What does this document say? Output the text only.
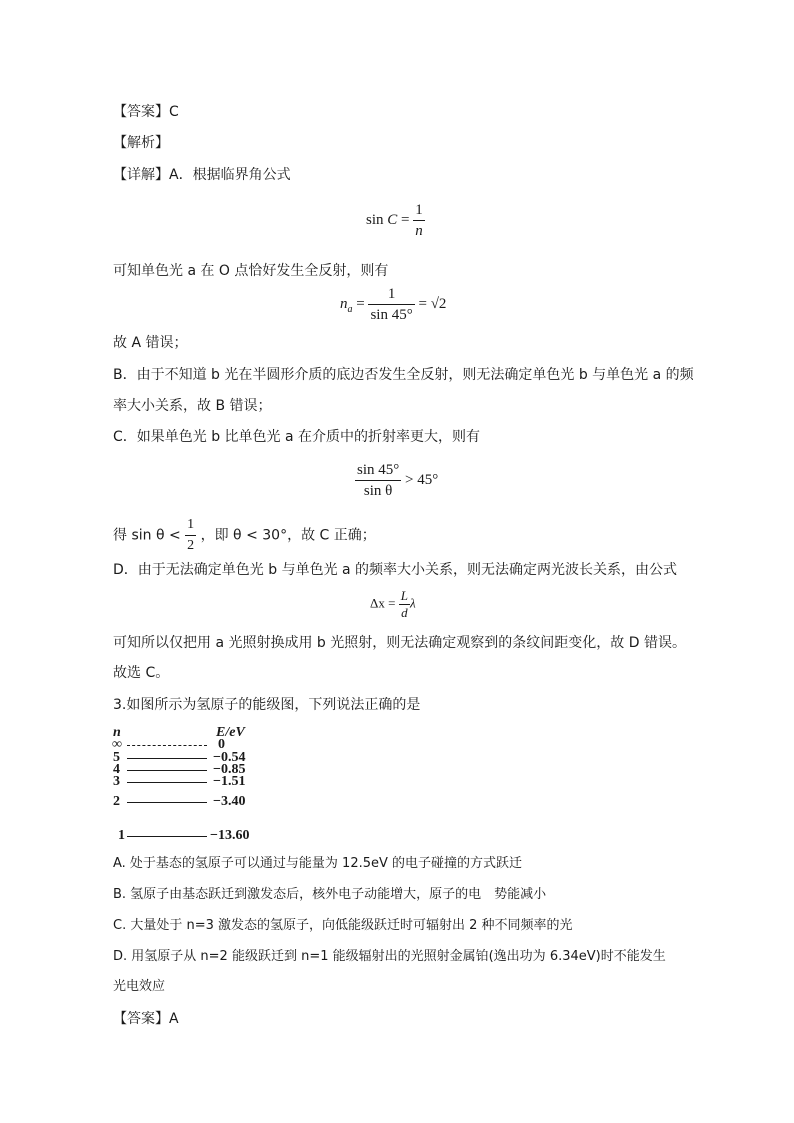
【答案】C
【解析】
【详解】A．根据临界角公式
$\sin C = \frac{1}{n}$
可知单色光 a 在 O 点恰好发生全反射，则有
$n_a = \frac{1}{\sin 45^\circ} = √2$
故 A 错误；
B．由于不知道 b 光在半圆形介质的底边否发生全反射，则无法确定单色光 b 与单色光 a 的频
率大小关系，故 B 错误；
C．如果单色光 b 比单色光 a 在介质中的折射率更大，则有
$\frac{\sin 45^\circ}{\text{sin θ}} > 45^\circ$
得 $\sin \theta < \frac{1}{2}$ ，即 θ < 30°，故 C 正确；
D．由于无法确定单色光 b 与单色光 a 的频率大小关系，则无法确定两光波长关系，由公式
$\Delta x = \frac{L}{d}$ λ
可知所以仅把用 a 光照射换成用 b 光照射，则无法确定观察到的条纹间距变化，故 D 错误。
故选 C。
3.如图所示为氢原子的能级图，下列说法正确的是
n	E/eV
∞	0
5	−0.54
4	−0.85
3	−1.51
2	−3.40
1	−13.60
A. 处于基态的氢原子可以通过与能量为 12.5eV 的电子碰撞的方式跃迁
B. 氢原子由基态跃迁到激发态后，核外电子动能增大，原子的电　势能减小
C. 大量处于 n=3 激发态的氢原子，向低能级跃迁时可辐射出 2 种不同频率的光
D. 用氢原子从 n=2 能级跃迁到 n=1 能级辐射出的光照射金属铂(逸出功为 6.34eV)时不能发生
光电效应
【答案】A
